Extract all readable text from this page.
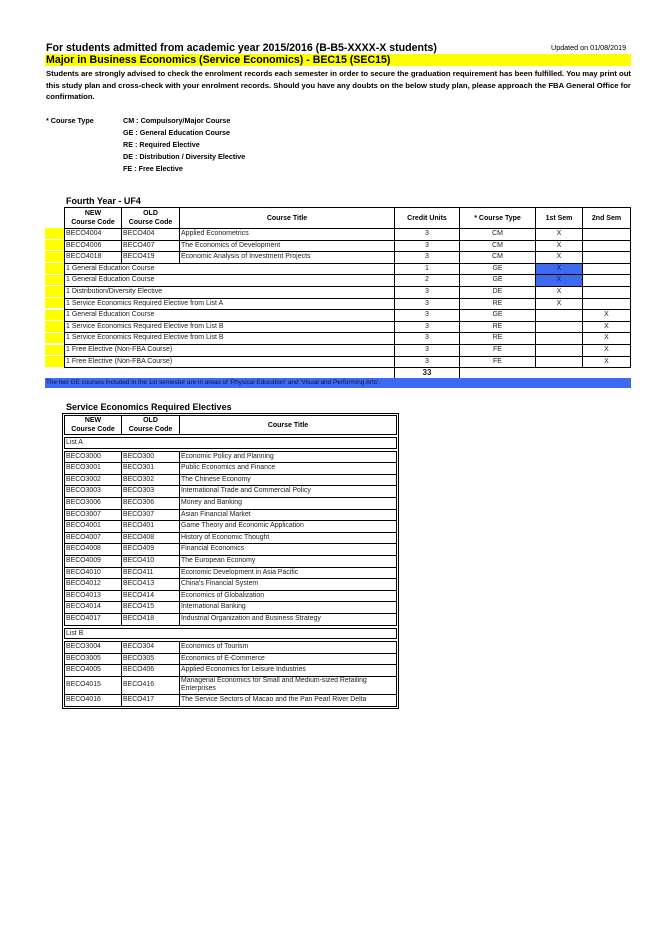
For students admitted from academic year 2015/2016 (B-B5-XXXX-X students)	Updated on 01/08/2019
Major in Business Economics (Service Economics) - BEC15 (SEC15)
Students are strongly advised to check the enrolment records each semester in order to secure the graduation requirement has been fulfilled. You may print out this study plan and cross-check with your enrolment records. Should you have any doubts on the below study plan, please approach the FBA General Office for confirmation.
* Course Type	CM : Compulsory/Major Course
GE : General Education Course
RE : Required Elective
DE : Distribution / Diversity Elective
FE : Free Elective
Fourth Year - UF4
NEW
Course Code	OLD
Course Code	Course Title	Credit Units	* Course Type	1st Sem	2nd Sem
BECO4004	BECO404	Applied Econometrics	3	CM	X	
BECO4006	BECO407	The Economics of Development	3	CM	X	
BECO4018	BECO419	Economic Analysis of Investment Projects	3	CM	X	
1 General Education Course			1	GE	X	
1 General Education Course			2	GE	X	
1 Distribution/Diversity Elective			3	DE	X	
1 Service Economics Required Elective from List A			3	RE	X	
1 General Education Course			3	GE		X
1 Service Economics Required Elective from List B			3	RE		X
1 Service Economics Required Elective from List B			3	RE		X
1 Free Elective (Non-FBA Course)			3	FE		X
1 Free Elective (Non-FBA Course)			3	FE		X
			33			
The two GE courses included in the 1st semester are in areas of 'Physical Education' and 'Visual and Performing Arts'.
Service Economics Required Electives
NEW
Course Code	OLD
Course Code	Course Title

List A		

BECO3000	BECO300	Economic Policy and Planning
BECO3001	BECO301	Public Economics and Finance
BECO3002	BECO302	The Chinese Economy
BECO3003	BECO303	International Trade and Commercial Policy
BECO3006	BECO306	Money and Banking
BECO3007	BECO307	Asian Financial Market
BECO4001	BECO401	Game Theory and Economic Application
BECO4007	BECO408	History of Economic Thought
BECO4008	BECO409	Financial Economics
BECO4009	BECO410	The European Economy
BECO4010	BECO411	Economic Development in Asia Pacific
BECO4012	BECO413	China's Financial System
BECO4013	BECO414	Economics of Globalization
BECO4014	BECO415	International Banking
BECO4017	BECO418	Industrial Organization and Business Strategy

List B		

BECO3004	BECO304	Economics of Tourism
BECO3005	BECO305	Economics of E-Commerce
BECO4005	BECO406	Applied Economics for Leisure Industries
BECO4015	BECO416	Managerial Economics for Small and Medium-sized Retailing Enterprises
BECO4016	BECO417	The Service Sectors of Macao and the Pan Pearl River Delta
